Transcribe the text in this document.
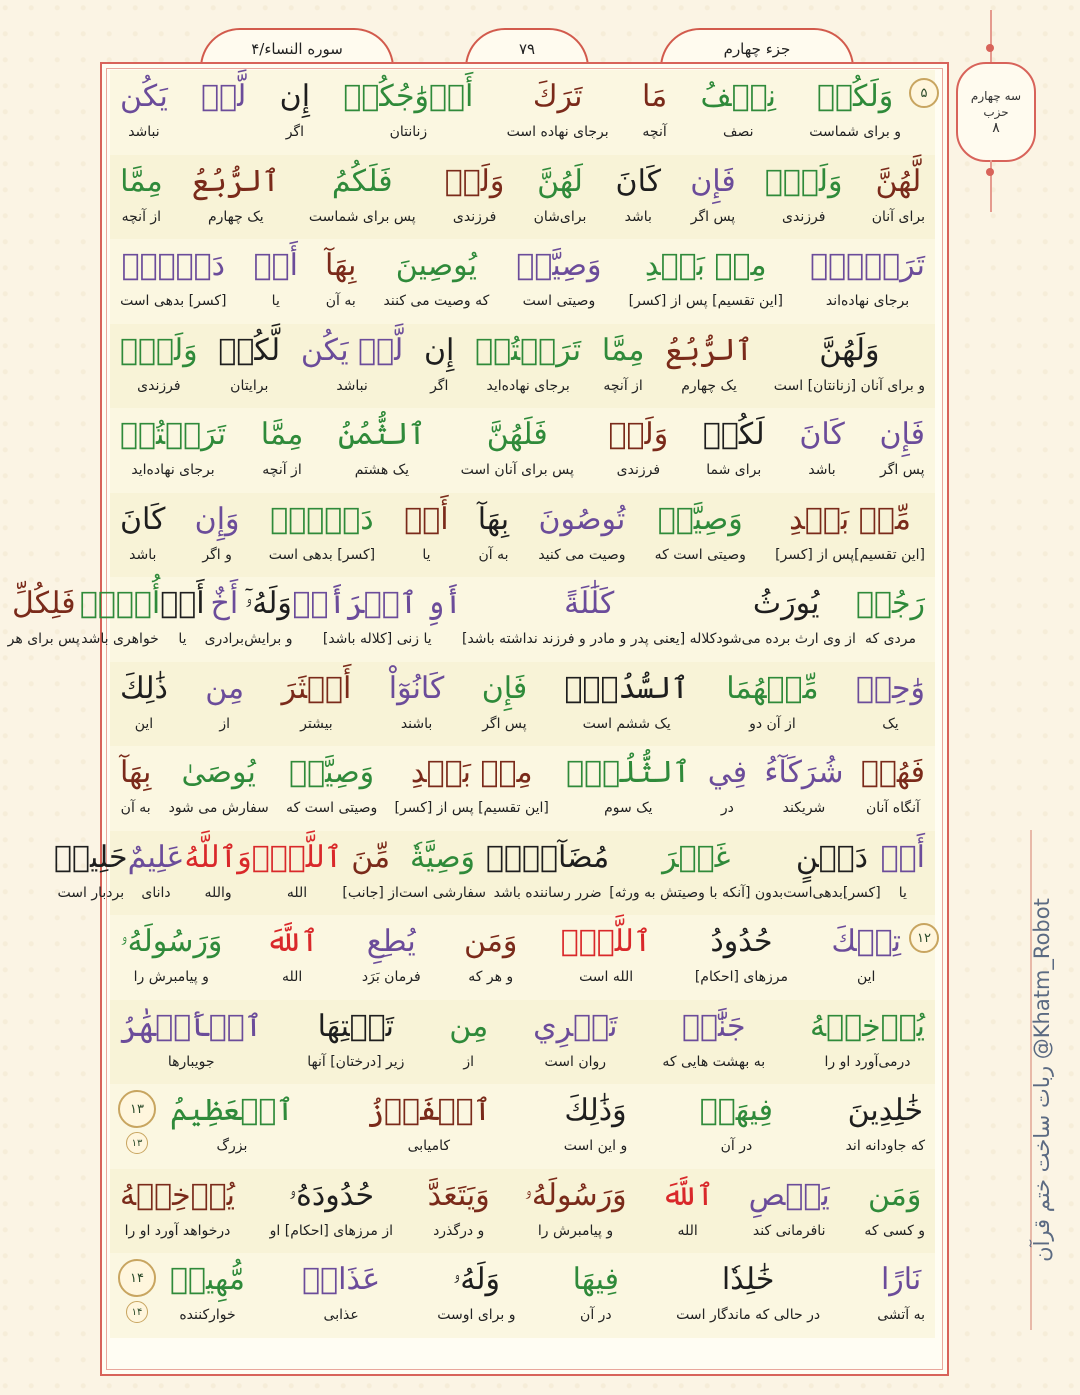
سوره النساء/۴	۷۹	جزء چهارم
سه چهارم
حزب
۸
ربات ساخت ختم قرآن @Khatm_Robot
وَلَكُمۡ
و برای شماست
نِصۡفُ
نصف
مَا
آنچه
تَرَكَ
برجای نهاده است
أَزۡوَٰجُكُمۡ
زنانتان
إِن
اگر
لَّمۡ
يَكُن
نباشد
۵
لَّهُنَّ
برای آنان
وَلَدٞۚ
فرزندی
فَإِن
پس اگر
كَانَ
باشد
لَهُنَّ
برای‌شان
وَلَدٞ
فرزندی
فَلَكُمُ
پس برای شماست
ٱلرُّبُعُ
یک چهارم
مِمَّا
از آنچه
تَرَكۡنَۚ
برجای نهاده‌اند
مِنۢ بَعۡدِ
[این تقسیم] پس از [کسر]
وَصِيَّةٖ
وصیتی است
يُوصِينَ
که وصیت می کنند
بِهَآ
به آن
أَوۡ
یا
دَيۡنٖۚ
[کسر] بدهی است
وَلَهُنَّ
و برای آنان [زنانتان] است
ٱلرُّبُعُ
یک چهارم
مِمَّا
از آنچه
تَرَكۡتُمۡ
برجای نهاده‌اید
إِن
اگر
لَّمۡ يَكُن
نباشد
لَّكُمۡ
برایتان
وَلَدٞۚ
فرزندی
فَإِن
پس اگر
كَانَ
باشد
لَكُمۡ
برای شما
وَلَدٞ
فرزندی
فَلَهُنَّ
پس برای آنان است
ٱلثُّمُنُ
یک هشتم
مِمَّا
از آنچه
تَرَكۡتُمۚ
برجای نهاده‌اید
مِّنۢ بَعۡدِ
[این تقسیم]پس از [کسر]
وَصِيَّةٖ
وصیتی است که
تُوصُونَ
وصیت می کنید
بِهَآ
به آن
أَوۡ
یا
دَيۡنٖۗ
[کسر] بدهی است
وَإِن
و اگر
كَانَ
باشد
رَجُلٞ
مردی که
يُورَثُ
از وی ارث برده می‌شود
كَلَٰلَةً
کلاله [یعنی پدر و مادر و فرزند نداشته باشد]
أَوِ ٱمۡرَأَةٞ
یا زنی [کلاله باشد]
وَلَهُۥٓ
و برایش
أَخٌ
برادری
أَوۡ
یا
أُخۡتٞ
خواهری باشد
فَلِكُلِّ
پس برای هر
وَٰحِدٖ
یک
مِّنۡهُمَا
از آن دو
ٱلسُّدُسُۚ
یک ششم است
فَإِن
پس اگر
كَانُوٓاْ
باشند
أَكۡثَرَ
بیشتر
مِن
از
ذَٰلِكَ
این
فَهُمۡ
آنگاه آنان
شُرَكَآءُ
شریکند
فِي
در
ٱلثُّلُثِۚ
یک سوم
مِنۢ بَعۡدِ
[این تقسیم] پس از [کسر]
وَصِيَّةٖ
وصیتی است که
يُوصَىٰ
سفارش می شود
بِهَآ
به آن
أَوۡ
یا
دَيۡنٍ
[کسر]بدهی‌است
غَيۡرَ
بدون [آنکه با وصیتش به ورثه]
مُضَآرّٖۚ
ضرر رساننده باشد
وَصِيَّةٗ
سفارشی است
مِّنَ
از [جانب]
ٱللَّهِۗ
الله
وَٱللَّهُ
والله
عَلِيمٌ
دانای
حَلِيمٞ
بردبار است
تِلۡكَ
این
حُدُودُ
مرزهای [احکام]
ٱللَّهِۚ
الله است
وَمَن
و هر که
يُطِعِ
فرمان بَرَد
ٱللَّهَ
الله
وَرَسُولَهُۥ
و پیامبرش را
۱۲
يُدۡخِلۡهُ
درمی‌آورد او را
جَنَّٰتٖ
به بهشت هایی که
تَجۡرِي
روان است
مِن
از
تَحۡتِهَا
زیر [درختان] آنها
ٱلۡأَنۡهَٰرُ
جویبارها
خَٰلِدِينَ
که جاودانه اند
فِيهَاۚ
در آن
وَذَٰلِكَ
و این است
ٱلۡفَوۡزُ
کامیابی
ٱلۡعَظِيمُ
بزرگ
۱۳
۱۳
وَمَن
و کسی که
يَعۡصِ
نافرمانی کند
ٱللَّهَ
الله
وَرَسُولَهُۥ
و پیامبرش را
وَيَتَعَدَّ
و درگذرد
حُدُودَهُۥ
از مرزهای [احکام] او
يُدۡخِلۡهُ
درخواهد آورد او را
نَارًا
به آتشی
خَٰلِدٗا
در حالی که ماندگار است
فِيهَا
در آن
وَلَهُۥ
و برای اوست
عَذَابٞ
عذابی
مُّهِينٞ
خوارکننده
۱۴
۱۴
